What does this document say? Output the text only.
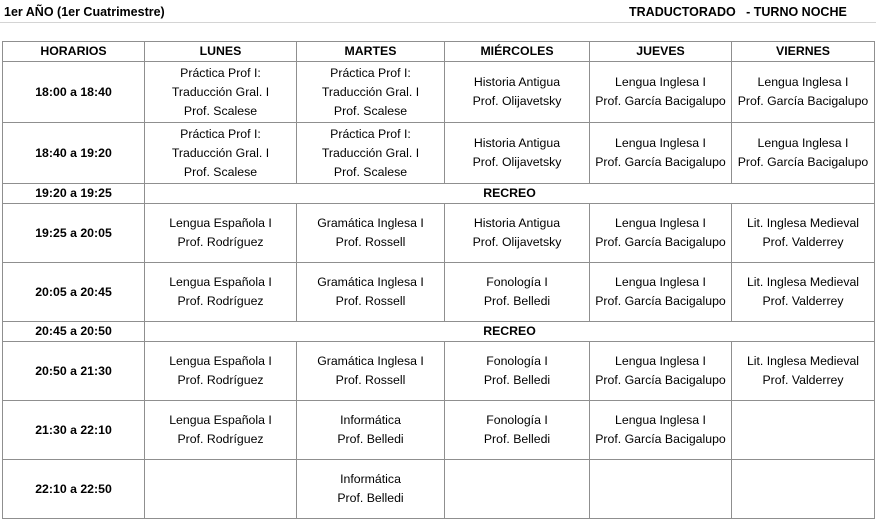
1er AÑO (1er Cuatrimestre)	TRADUCTORADO   - TURNO NOCHE
HORARIOS	LUNES	MARTES	MIÉRCOLES	JUEVES	VIERNES
18:00 a 18:40	Práctica Prof I:
Traducción Gral. I
Prof. Scalese	Práctica Prof I:
Traducción Gral. I
Prof. Scalese	Historia Antigua
Prof. Olijavetsky	Lengua Inglesa I
Prof. García Bacigalupo	Lengua Inglesa I
Prof. García Bacigalupo

18:40 a 19:20	Práctica Prof I:
Traducción Gral. I
Prof. Scalese	Práctica Prof I:
Traducción Gral. I
Prof. Scalese	Historia Antigua
Prof. Olijavetsky	Lengua Inglesa I
Prof. García Bacigalupo	Lengua Inglesa I
Prof. García Bacigalupo

19:20 a 19:25	RECREO				
19:25 a 20:05	Lengua Española I
Prof. Rodríguez	Gramática Inglesa I
Prof. Rossell	Historia Antigua
Prof. Olijavetsky	Lengua Inglesa I
Prof. García Bacigalupo	Lit. Inglesa Medieval
Prof. Valderrey

20:05 a 20:45	Lengua Española I
Prof. Rodríguez	Gramática Inglesa I
Prof. Rossell	Fonología I
Prof. Belledi	Lengua Inglesa I
Prof. García Bacigalupo	Lit. Inglesa Medieval
Prof. Valderrey

20:45 a 20:50	RECREO				
20:50 a 21:30	Lengua Española I
Prof. Rodríguez	Gramática Inglesa I
Prof. Rossell	Fonología I
Prof. Belledi	Lengua Inglesa I
Prof. García Bacigalupo	Lit. Inglesa Medieval
Prof. Valderrey

21:30 a 22:10	Lengua Española I
Prof. Rodríguez	Informática
Prof. Belledi	Fonología I
Prof. Belledi	Lengua Inglesa I
Prof. García Bacigalupo	

22:10 a 22:50		Informática
Prof. Belledi			
